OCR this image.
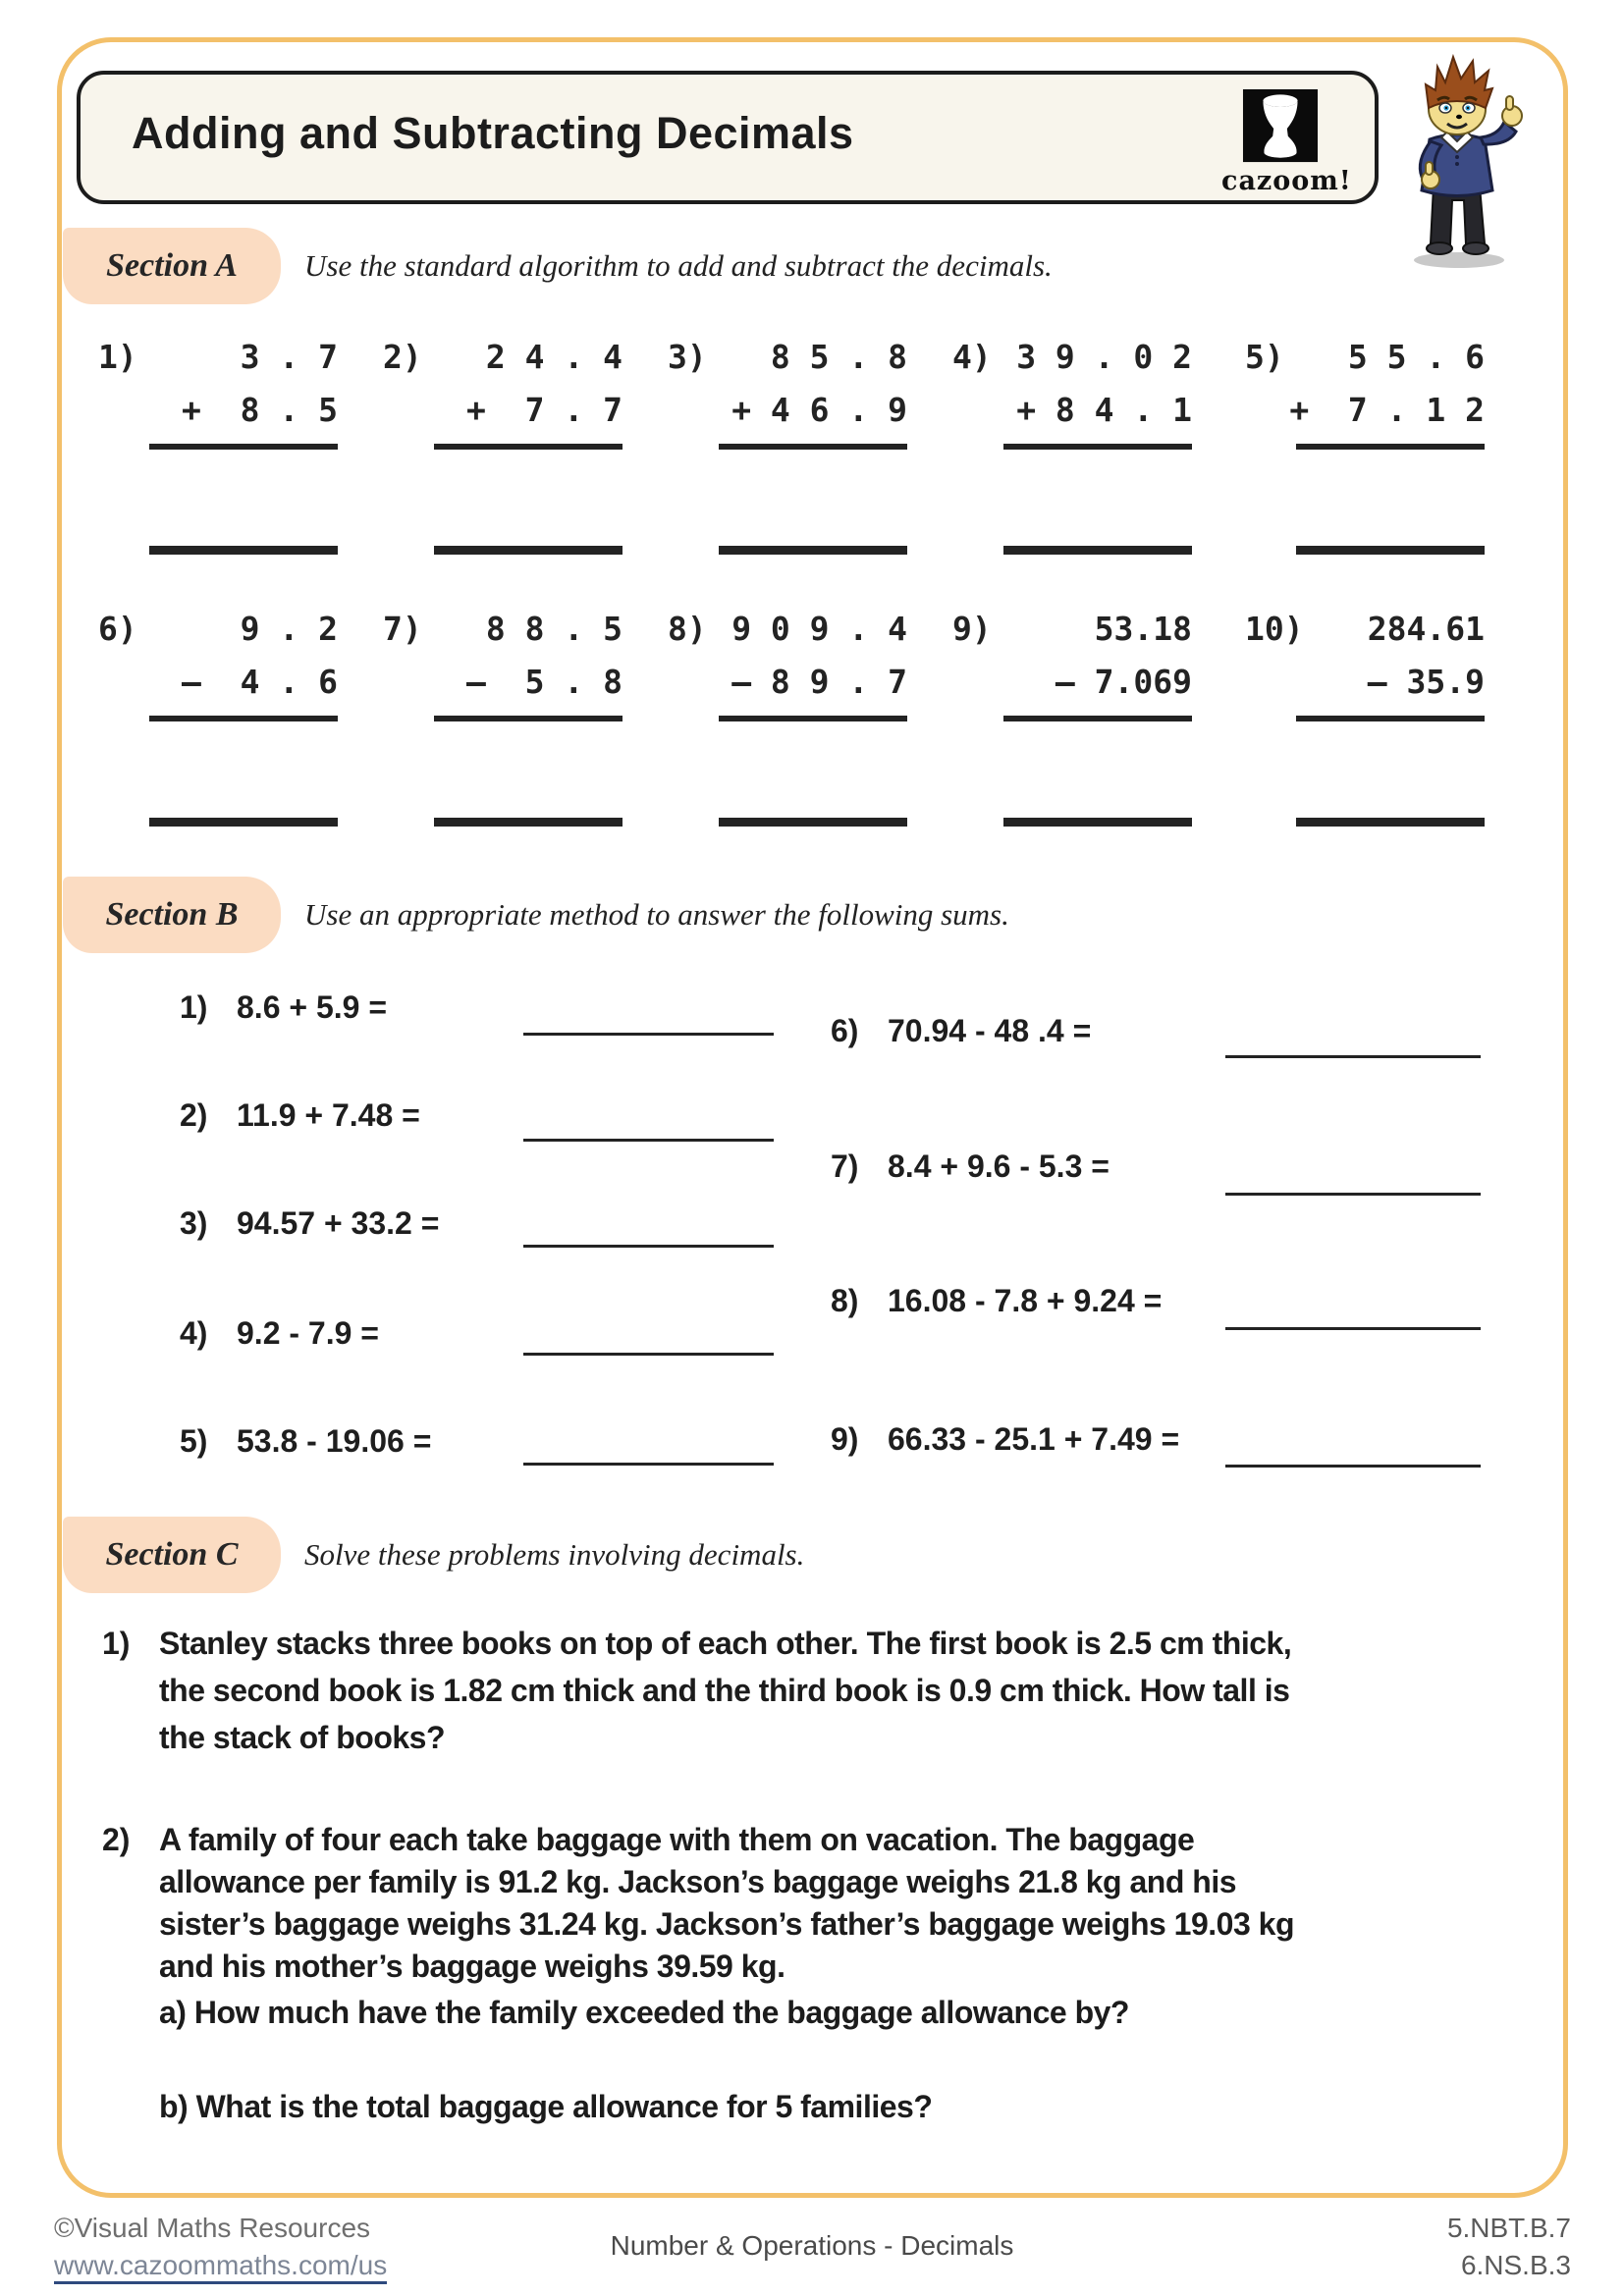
Adding and Subtracting Decimals
cazoom!
Section A Use the standard algorithm to add and subtract the decimals.
1)	3 . 7
+  8 . 5
2)	2 4 . 4
+  7 . 7
3)	8 5 . 8
+ 4 6 . 9
4) 3 9 . 0 2
+ 8 4 . 1
5)	5 5 . 6
+  7 . 1 2
6)	9 . 2
–  4 . 6
7)	8 8 . 5
–  5 . 8
8) 9 0 9 . 4
– 8 9 . 7
9)	53.18
– 7.069
10)	284.61
– 35.9
Section B Use an appropriate method to answer the following sums.
1) 8.6 + 5.9 =
2) 11.9 + 7.48 =
3) 94.57 + 33.2 =
4) 9.2 - 7.9 =
5) 53.8 - 19.06 =
6) 70.94 - 48 .4 =
7) 8.4 + 9.6 - 5.3 =
8) 16.08 - 7.8 + 9.24 =
9) 66.33 - 25.1 + 7.49 =
Section C Solve these problems involving decimals.
1) Stanley stacks three books on top of each other. The first book is 2.5 cm thick,
the second book is 1.82 cm thick and the third book is 0.9 cm thick. How tall is
the stack of books?
2) A family of four each take baggage with them on vacation. The baggage
allowance per family is 91.2 kg. Jackson’s baggage weighs 21.8 kg and his
sister’s baggage weighs 31.24 kg. Jackson’s father’s baggage weighs 19.03 kg
and his mother’s baggage weighs 39.59 kg.
a) How much have the family exceeded the baggage allowance by?
b) What is the total baggage allowance for 5 families?
©Visual Maths Resources
www.cazoommaths.com/us
Number & Operations - Decimals
5.NBT.B.7
6.NS.B.3
